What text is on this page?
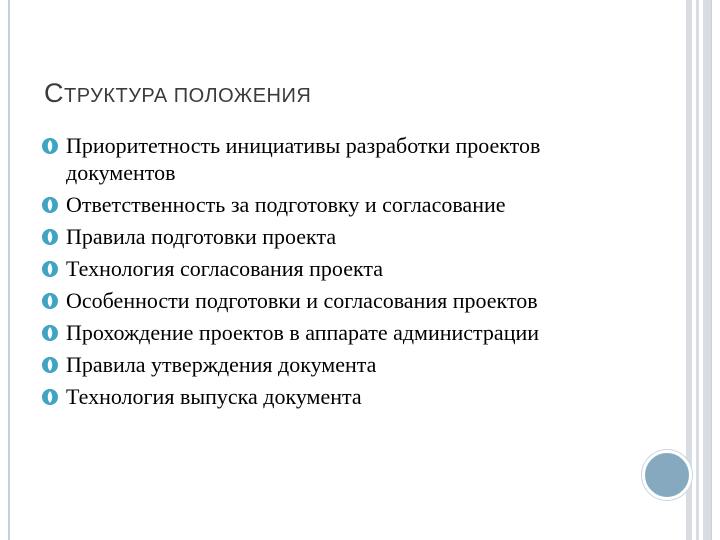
СТРУКТУРА ПОЛОЖЕНИЯ
Приоритетность инициативы разработки проектов документов
Ответственность за подготовку и согласование
Правила подготовки проекта
Технология согласования проекта
Особенности подготовки и согласования проектов
Прохождение проектов в аппарате администрации
Правила утверждения документа
Технология выпуска документа
